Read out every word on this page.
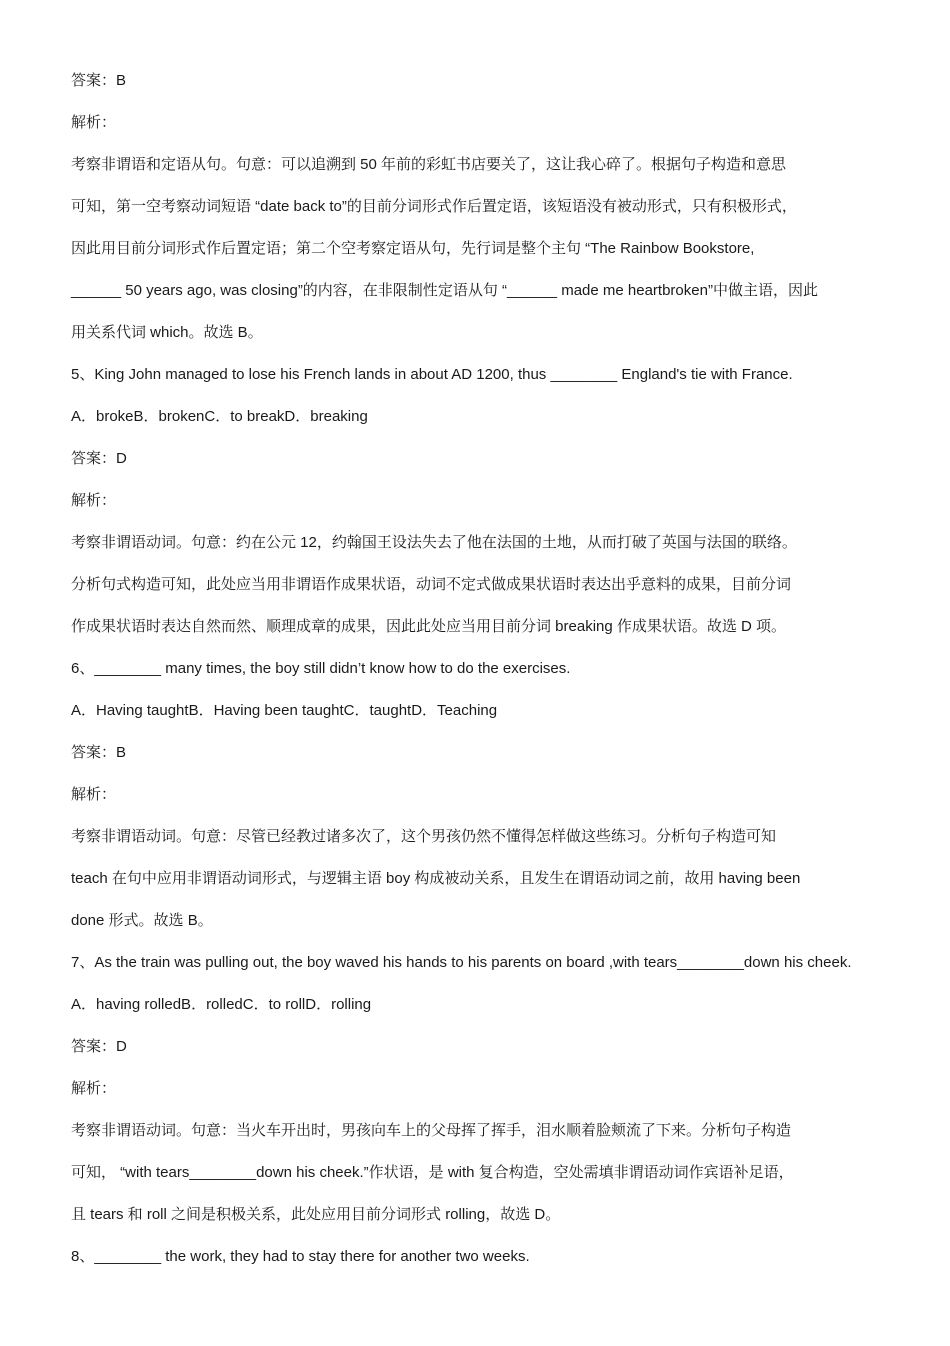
答案：B
解析：
考察非谓语和定语从句。句意：可以追溯到 50 年前的彩虹书店要关了，这让我心碎了。根据句子构造和意思
可知，第一空考察动词短语 “date back to”的目前分词形式作后置定语，该短语没有被动形式，只有积极形式，
因此用目前分词形式作后置定语；第二个空考察定语从句，先行词是整个主句 “The Rainbow Bookstore,
______ 50 years ago, was closing”的内容，在非限制性定语从句 “______ made me heartbroken”中做主语，因此
用关系代词 which。故选 B。
5、King John managed to lose his French lands in about AD 1200, thus ________ England's tie with France.
A．brokeB．brokenC．to breakD．breaking
答案：D
解析：
考察非谓语动词。句意：约在公元 12，约翰国王设法失去了他在法国的土地，从而打破了英国与法国的联络。
分析句式构造可知，此处应当用非谓语作成果状语，动词不定式做成果状语时表达出乎意料的成果，目前分词
作成果状语时表达自然而然、顺理成章的成果，因此此处应当用目前分词 breaking 作成果状语。故选 D 项。
6、________ many times, the boy still didn’t know how to do the exercises.
A．Having taughtB．Having been taughtC．taughtD．Teaching
答案：B
解析：
考察非谓语动词。句意：尽管已经教过诸多次了，这个男孩仍然不懂得怎样做这些练习。分析句子构造可知
teach 在句中应用非谓语动词形式，与逻辑主语 boy 构成被动关系，且发生在谓语动词之前，故用 having been
done 形式。故选 B。
7、As the train was pulling out, the boy waved his hands to his parents on board ,with tears________down his cheek.
A．having rolledB．rolledC．to rollD．rolling
答案：D
解析：
考察非谓语动词。句意：当火车开出时，男孩向车上的父母挥了挥手，泪水顺着脸颊流了下来。分析句子构造
可知， “with tears________down his cheek.”作状语，是 with 复合构造，空处需填非谓语动词作宾语补足语，
且 tears 和 roll 之间是积极关系，此处应用目前分词形式 rolling，故选 D。
8、________ the work, they had to stay there for another two weeks.
